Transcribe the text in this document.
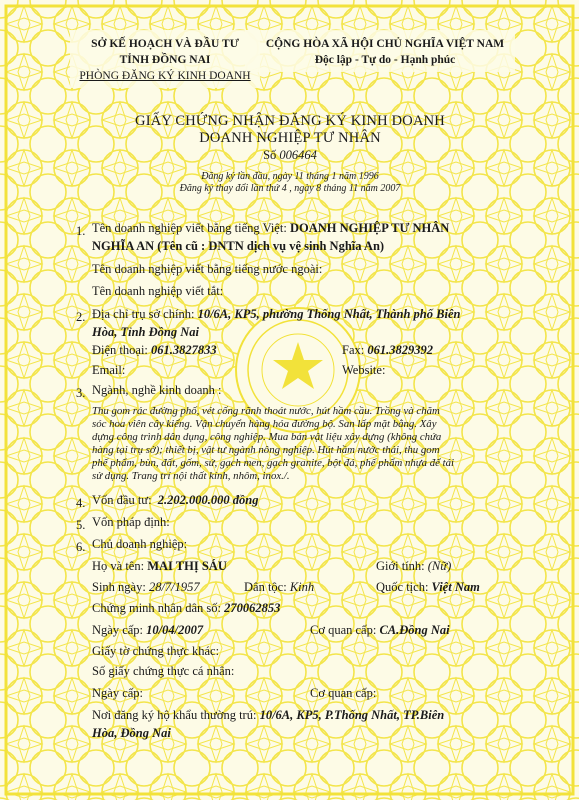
SỞ KẾ HOẠCH VÀ ĐẦU TƯ
TỈNH ĐỒNG NAI
PHÒNG ĐĂNG KÝ KINH DOANH
CỘNG HÒA XÃ HỘI CHỦ NGHĨA VIỆT NAM
Độc lập - Tự do - Hạnh phúc
GIẤY CHỨNG NHẬN ĐĂNG KÝ KINH DOANH
DOANH NGHIỆP TƯ NHÂN
Số 006464
Đăng ký lần đầu, ngày 11 tháng 1 năm 1996
Đăng ký thay đổi lần thứ 4 , ngày 8 tháng 11 năm 2007
1. Tên doanh nghiệp viết bằng tiếng Việt: DOANH NGHIỆP TƯ NHÂN
NGHĨA AN (Tên cũ : DNTN dịch vụ vệ sinh Nghĩa An)
Tên doanh nghiệp viết bằng tiếng nước ngoài:
Tên doanh nghiệp viết tắt:
2. Địa chỉ trụ sở chính: 10/6A, KP5, phường Thống Nhất, Thành phố Biên
Hòa, Tỉnh Đồng Nai
Điện thoại: 061.3827833	Fax: 061.3829392
Email:	Website:
3. Ngành, nghề kinh doanh :
Thu gom rác đường phố, vét cống rãnh thoát nước, hút hầm cầu. Trồng và chăm
sóc hoa viên cây kiểng. Vận chuyển hàng hóa đường bộ. San lấp mặt bằng. Xây
dựng công trình dân dụng, công nghiệp. Mua bán vật liệu xây dựng (không chứa
hàng tại trụ sở); thiết bị, vật tư ngành nông nghiệp. Hút hầm nước thải, thu gom
phế phẩm, bùn, đất, gốm, sứ, gạch men, gạch granite, bột đá, phế phẩm nhựa để tái
sử dụng. Trang trí nội thất kính, nhôm, inox./.
4. Vốn đầu tư: 2.202.000.000 đồng
5. Vốn pháp định:
6. Chủ doanh nghiệp:
Họ và tên: MAI THỊ SÁU	Giới tính: (Nữ)
Sinh ngày: 28/7/1957	Dân tộc: Kinh	Quốc tịch: Việt Nam
Chứng minh nhân dân số: 270062853
Ngày cấp: 10/04/2007	Cơ quan cấp: CA.Đồng Nai
Giấy tờ chứng thực khác:
Số giấy chứng thực cá nhân:
Ngày cấp:	Cơ quan cấp:
Nơi đăng ký hộ khẩu thường trú: 10/6A, KP5, P.Thống Nhất, TP.Biên
Hòa, Đồng Nai
